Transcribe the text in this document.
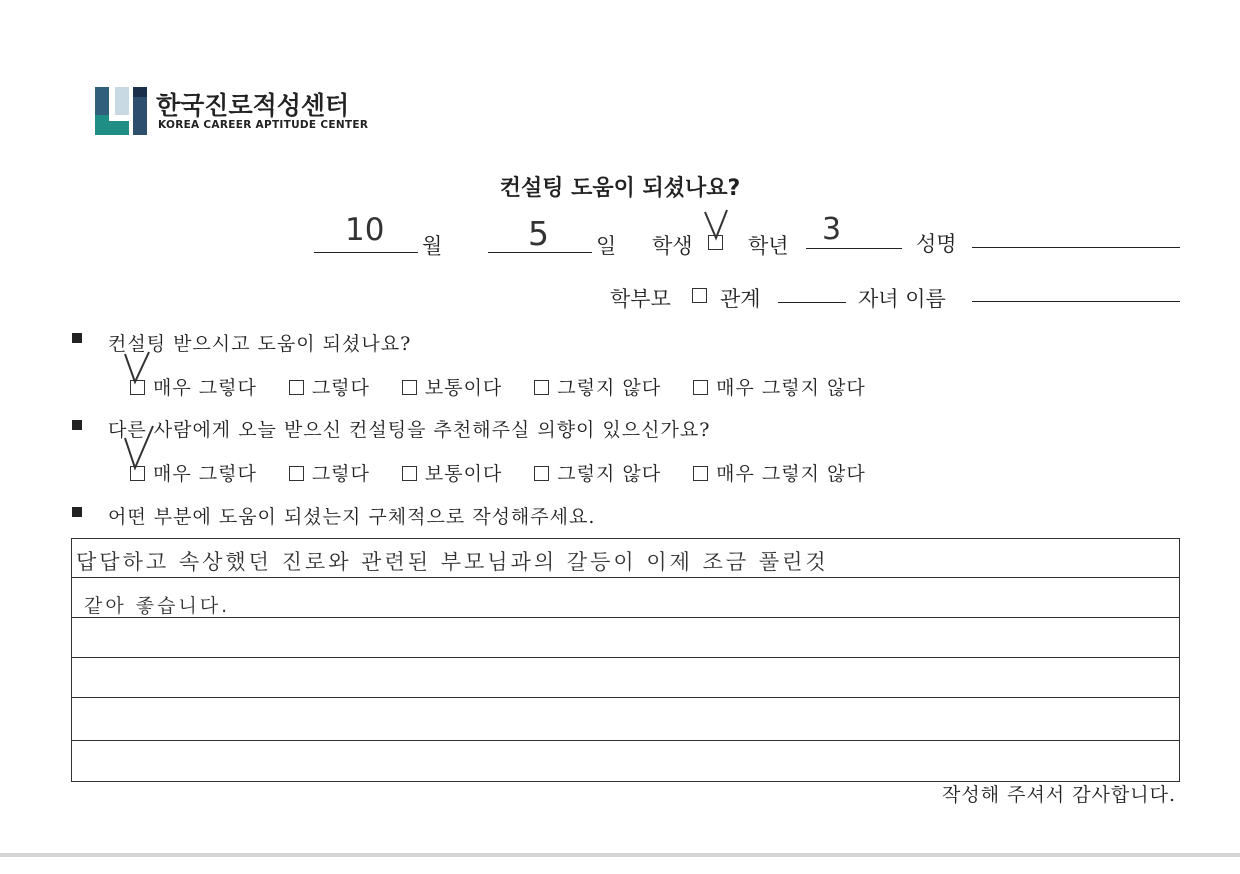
한국진로적성센터
KOREA CAREER APTITUDE CENTER
컨설팅 도움이 되셨나요?
10 월	5 일 학생	학년 3	성명
학부모 관계	자녀 이름
컨설팅 받으시고 도움이 되셨나요?
매우 그렇다	그렇다	보통이다	그렇지 않다	매우 그렇지 않다
다른 사람에게 오늘 받으신 컨설팅을 추천해주실 의향이 있으신가요?
매우 그렇다	그렇다	보통이다	그렇지 않다	매우 그렇지 않다
어떤 부분에 도움이 되셨는지 구체적으로 작성해주세요.
답답하고 속상했던 진로와 관련된 부모님과의 갈등이 이제 조금 풀린것
같아 좋습니다.
작성해 주셔서 감사합니다.
